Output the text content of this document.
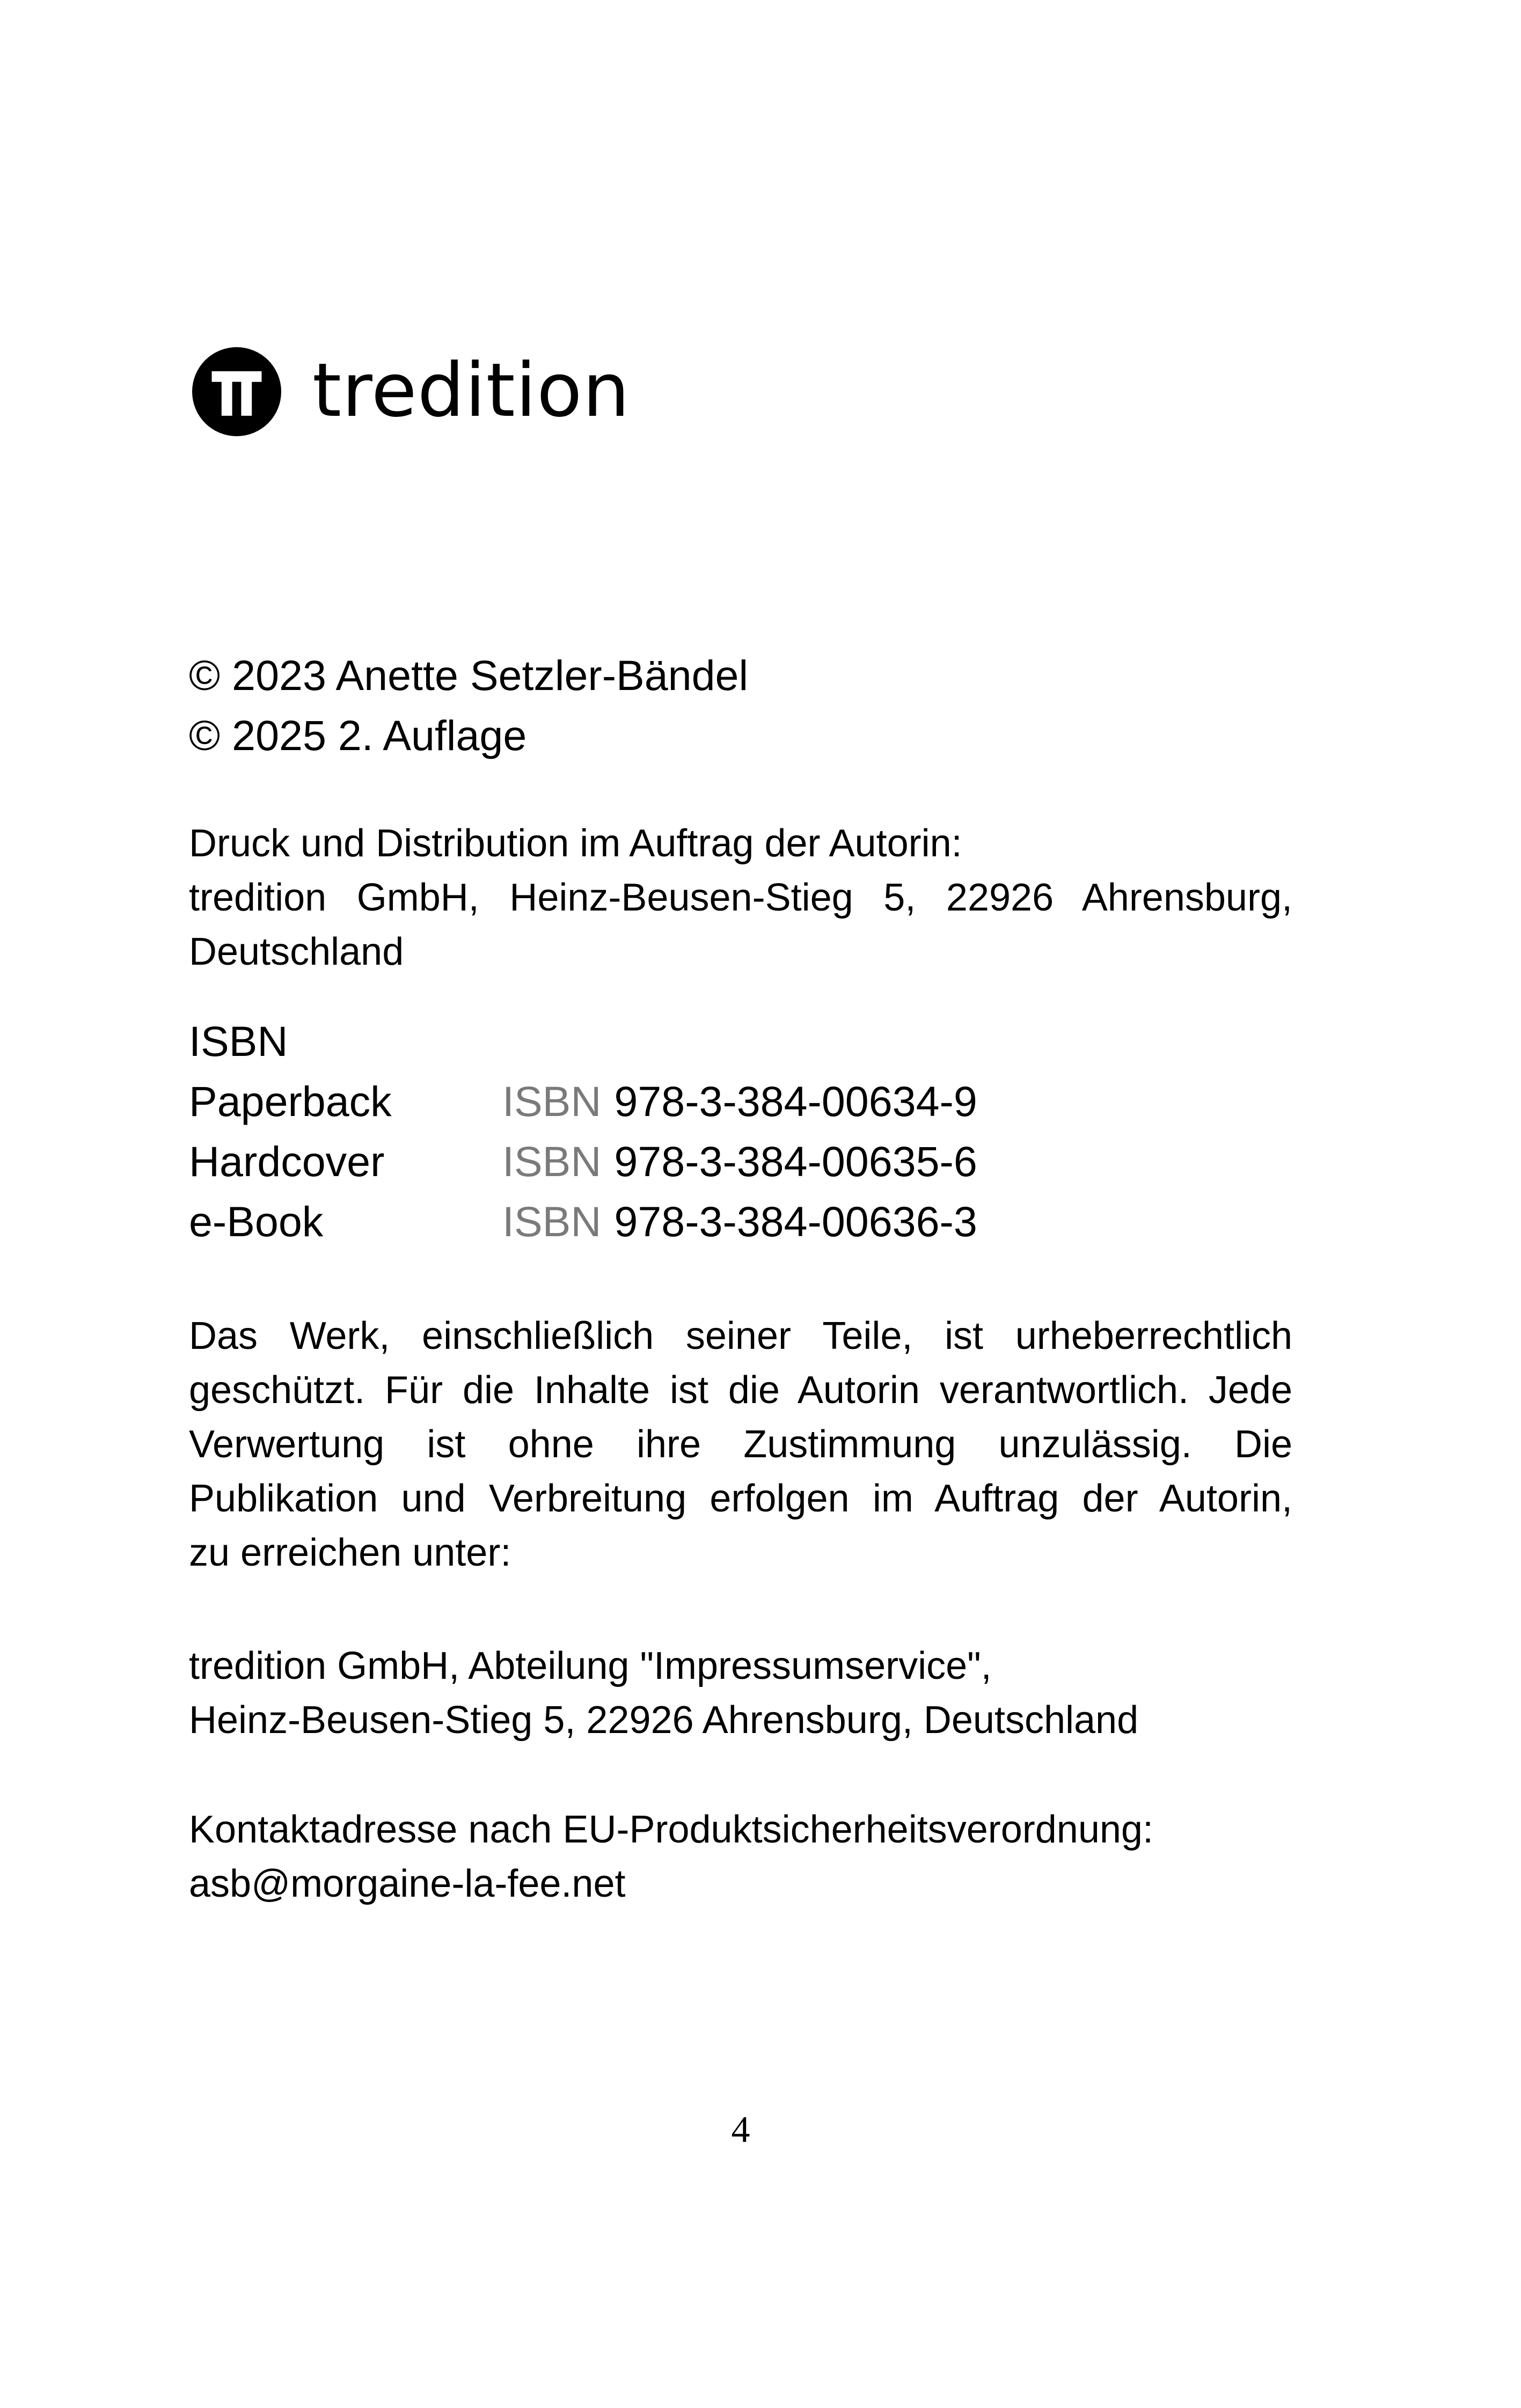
tredition
© 2023 Anette Setzler-Bändel
© 2025 2. Auflage
Druck und Distribution im Auftrag der Autorin:
tredition GmbH, Heinz-Beusen-Stieg 5, 22926 Ahrensburg,
Deutschland
ISBN
Paperback	ISBN 978-3-384-00634-9
Hardcover	ISBN 978-3-384-00635-6
e-Book	ISBN 978-3-384-00636-3
Das Werk, einschließlich seiner Teile, ist urheberrechtlich
geschützt. Für die Inhalte ist die Autorin verantwortlich. Jede
Verwertung ist ohne ihre Zustimmung unzulässig. Die
Publikation und Verbreitung erfolgen im Auftrag der Autorin,
zu erreichen unter:
tredition GmbH, Abteilung "Impressumservice",
Heinz-Beusen-Stieg 5, 22926 Ahrensburg, Deutschland
Kontaktadresse nach EU-Produktsicherheitsverordnung:
asb@morgaine-la-fee.net
4
